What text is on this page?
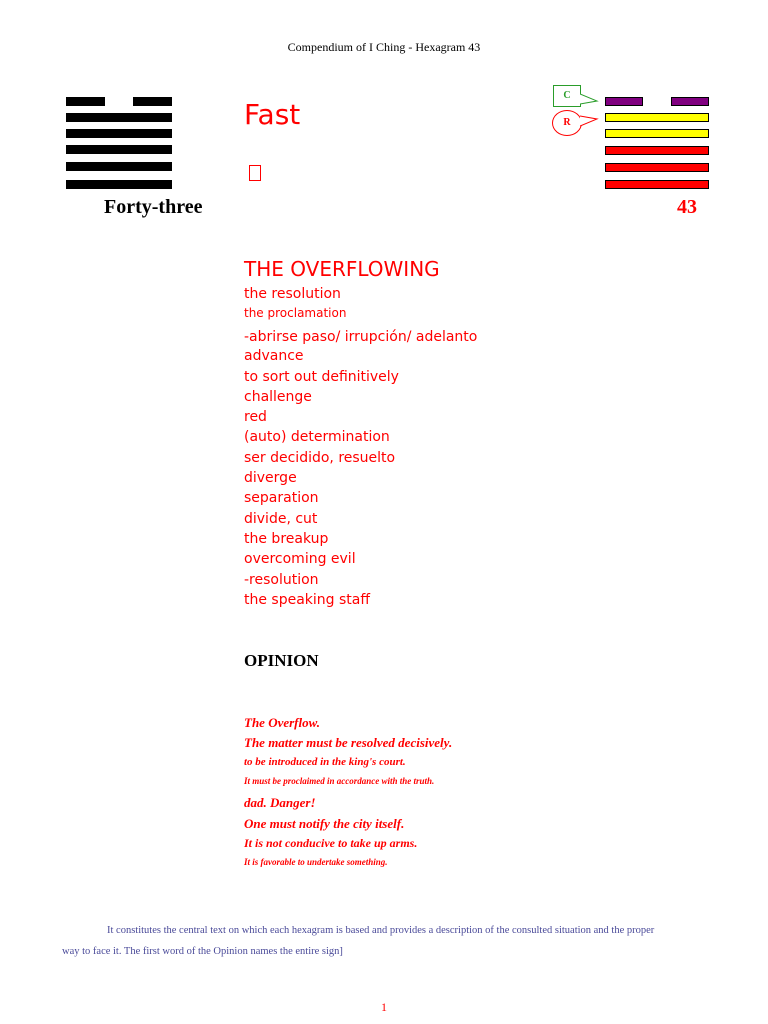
Compendium of I Ching - Hexagram 43
Forty-three
Fast
C
R
43
THE OVERFLOWING
the resolution
the proclamation
-abrirse paso/ irrupción/ adelanto
advance
to sort out definitively
challenge
red
(auto) determination
ser decidido, resuelto
diverge
separation
divide, cut
the breakup
overcoming evil
-resolution
the speaking staff
OPINION
The Overflow.
The matter must be resolved decisively.
to be introduced in the king's court.
It must be proclaimed in accordance with the truth.
dad. Danger!
One must notify the city itself.
It is not conducive to take up arms.
It is favorable to undertake something.
It constitutes the central text on which each hexagram is based and provides a description of the consulted situation and the proper way to face it. The first word of the Opinion names the entire sign]
1
